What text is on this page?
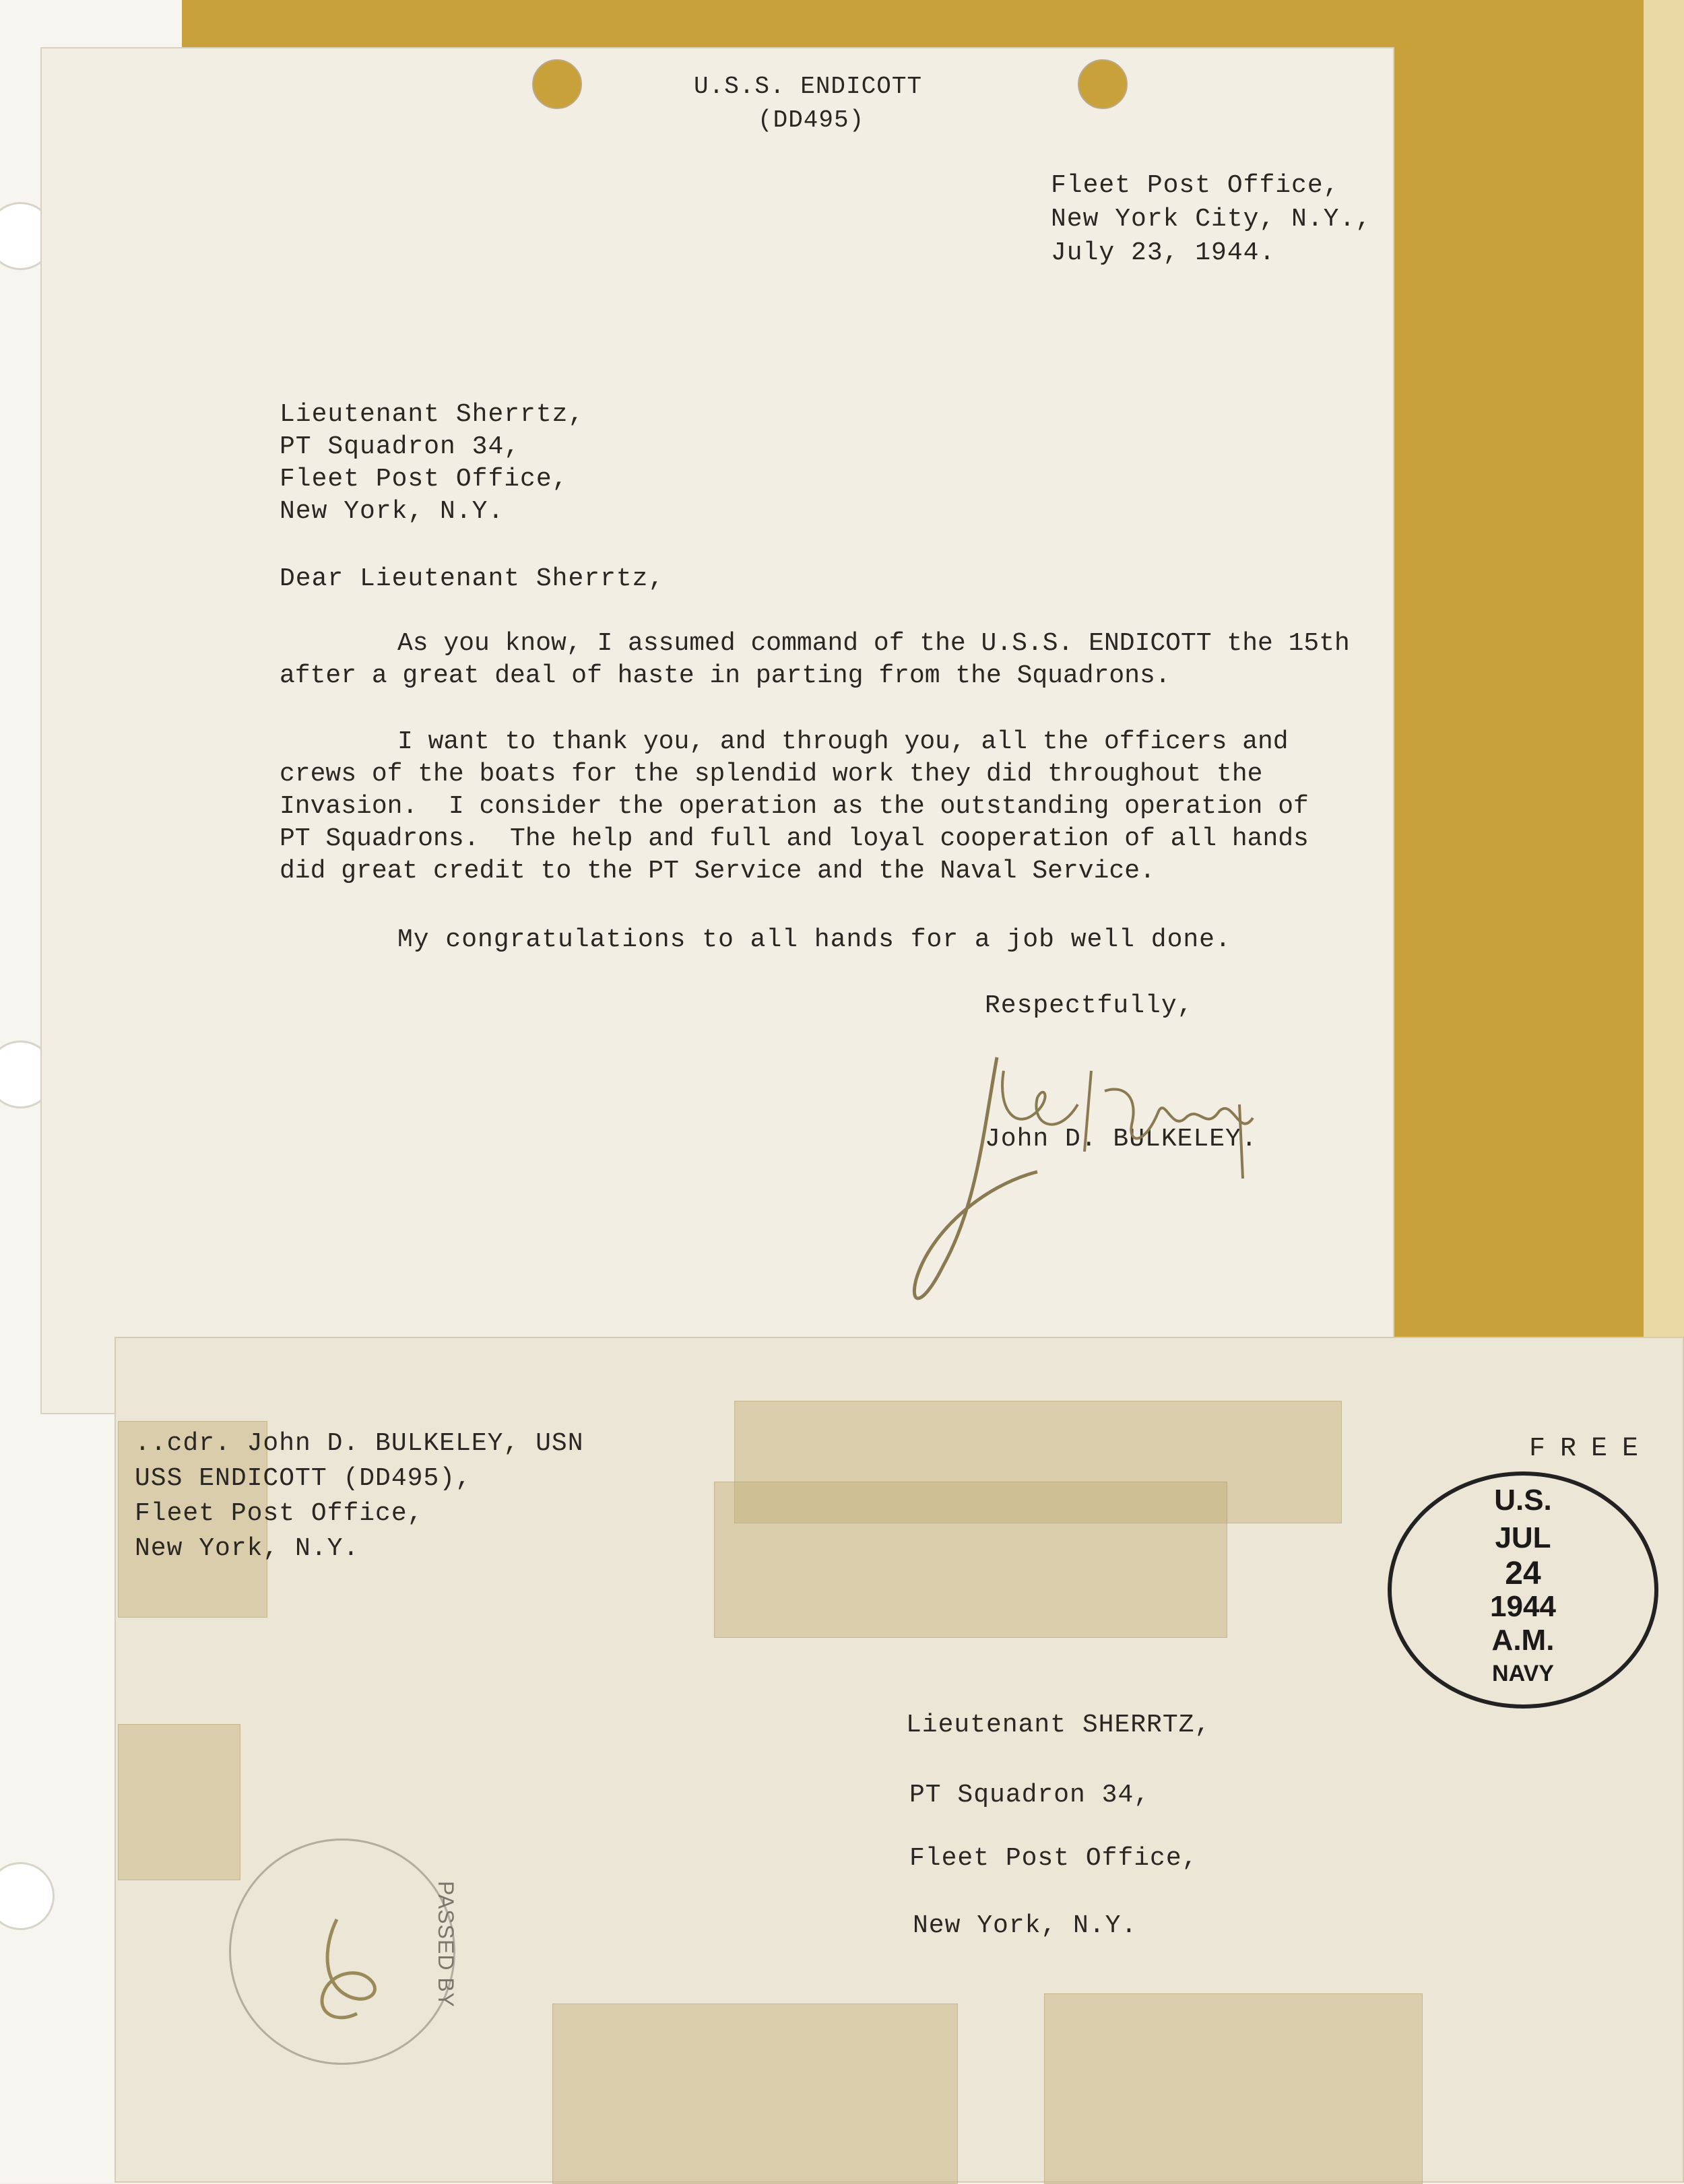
U.S.S. ENDICOTT
(DD495)
Fleet Post Office,
New York City, N.Y.,
July 23, 1944.
Lieutenant Sherrtz,
PT Squadron 34,
Fleet Post Office,
New York, N.Y.
Dear Lieutenant Sherrtz,
As you know, I assumed command of the U.S.S. ENDICOTT the 15th
after a great deal of haste in parting from the Squadrons.
I want to thank you, and through you, all the officers and
crews of the boats for the splendid work they did throughout the
Invasion.  I consider the operation as the outstanding operation of
PT Squadrons.  The help and full and loyal cooperation of all hands
did great credit to the PT Service and the Naval Service.
My congratulations to all hands for a job well done.
Respectfully,
John D. BULKELEY.
..cdr. John D. BULKELEY, USN
USS ENDICOTT (DD495),
Fleet Post Office,
New York, N.Y.
FREE
U.S.
JUL
24
1944
A.M.
NAVY
Lieutenant SHERRTZ,
PT Squadron 34,
Fleet Post Office,
New York, N.Y.
PASSED BY
